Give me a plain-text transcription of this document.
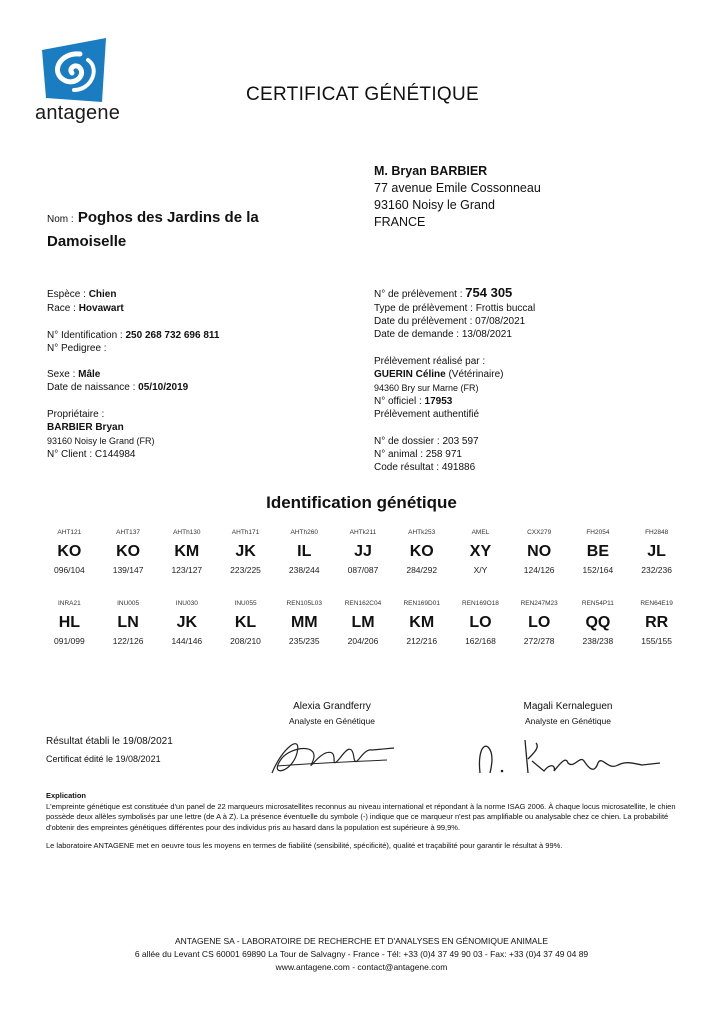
antagene
CERTIFICAT GÉNÉTIQUE
M. Bryan BARBIER
77 avenue Emile Cossonneau
93160 Noisy le Grand
FRANCE
Nom : Poghos des Jardins de la Damoiselle
Espèce : Chien
Race : Hovawart
N° Identification : 250 268 732 696 811
N° Pedigree :
Sexe : Mâle
Date de naissance : 05/10/2019
Propriétaire :
BARBIER Bryan
93160 Noisy le Grand (FR)
N° Client : C144984
N° de prélèvement : 754 305
Type de prélèvement : Frottis buccal
Date du prélèvement : 07/08/2021
Date de demande : 13/08/2021
Prélèvement réalisé par :
GUERIN Céline (Vétérinaire)
94360 Bry sur Marne (FR)
N° officiel : 17953
Prélèvement authentifié
N° de dossier : 203 597
N° animal : 258 971
Code résultat : 491886
Identification génétique
AHT121	AHT137	AHTh130	AHTh171	AHTh260	AHTk211	AHTk253	AMEL	CXX279	FH2054	FH2848
KO	KO	KM	JK	IL	JJ	KO	XY	NO	BE	JL
096/104	139/147	123/127	223/225	238/244	087/087	284/292	X/Y	124/126	152/164	232/236
INRA21	INU005	INU030	INU055	REN105L03	REN162C04	REN169D01	REN169O18	REN247M23	REN54P11	REN64E19
HL	LN	JK	KL	MM	LM	KM	LO	LO	QQ	RR
091/099	122/126	144/146	208/210	235/235	204/206	212/216	162/168	272/278	238/238	155/155
Alexia Grandferry
Analyste en Génétique
Magali Kernaleguen
Analyste en Génétique
Résultat établi le 19/08/2021
Certificat édité le 19/08/2021
Explication
L'empreinte génétique est constituée d'un panel de 22 marqueurs microsatellites reconnus au niveau international et répondant à la norme ISAG 2006. À chaque locus microsatellite, le chien possède deux allèles symbolisés par une lettre (de A à Z). La présence éventuelle du symbole (-) indique que ce marqueur n'est pas amplifiable ou analysable chez ce chien. La probabilité d'obtenir des empreintes génétiques différentes pour des individus pris au hasard dans la population est supérieure à 99,9%.
Le laboratoire ANTAGENE met en oeuvre tous les moyens en termes de fiabilité (sensibilité, spécificité), qualité et traçabilité pour garantir le résultat à 99%.
ANTAGENE SA - LABORATOIRE DE RECHERCHE ET D'ANALYSES EN GÉNOMIQUE ANIMALE
6 allée du Levant CS 60001 69890 La Tour de Salvagny - France - Tél: +33 (0)4 37 49 90 03 - Fax: +33 (0)4 37 49 04 89
www.antagene.com - contact@antagene.com
